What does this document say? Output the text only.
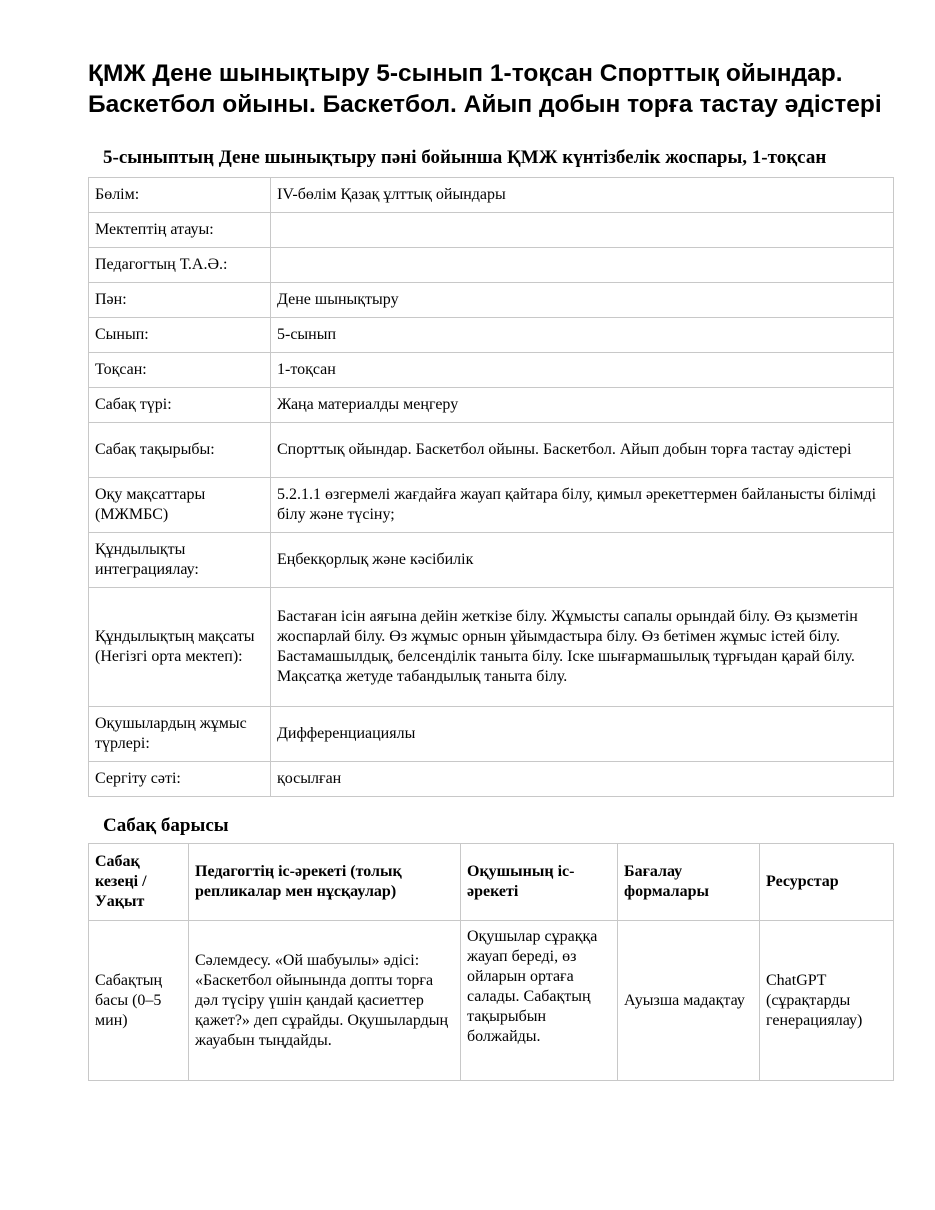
ҚМЖ Дене шынықтыру 5-сынып 1-тоқсан Спорттық ойындар. Баскетбол ойыны. Баскетбол. Айып добын торға тастау әдістері
5-сыныптың Дене шынықтыру пәні бойынша ҚМЖ күнтізбелік жоспары, 1-тоқсан
Бөлім:	IV-бөлім Қазақ ұлттық ойындары
Мектептің атауы:	
Педагогтың Т.А.Ә.:	
Пән:	Дене шынықтыру
Сынып:	5-сынып
Тоқсан:	1-тоқсан
Сабақ түрі:	Жаңа материалды меңгеру
Сабақ тақырыбы:	Спорттық ойындар. Баскетбол ойыны. Баскетбол. Айып добын торға тастау әдістері
Оқу мақсаттары (МЖМБС)	5.2.1.1 өзгермелі жағдайға жауап қайтара білу, қимыл әрекеттермен байланысты білімді білу және түсіну;
Құндылықты интеграциялау:	Еңбекқорлық және кәсібилік
Құндылықтың мақсаты (Негізгі орта мектеп):	Бастаған ісін аяғына дейін жеткізе білу. Жұмысты сапалы орындай білу. Өз қызметін жоспарлай білу. Өз жұмыс орнын ұйымдастыра білу. Өз бетімен жұмыс істей білу. Бастамашылдық, белсенділік таныта білу. Іске шығармашылық тұрғыдан қарай білу. Мақсатқа жетуде табандылық таныта білу.
Оқушылардың жұмыс түрлері:	Дифференциациялы
Сергіту сәті:	қосылған
Сабақ барысы
Сабақ кезеңі / Уақыт	Педагогтің іс-әрекеті (толық репликалар мен нұсқаулар)	Оқушының іс-әрекеті	Бағалау формалары	Ресурстар
Сабақтың басы (0–5 мин)	Сәлемдесу. «Ой шабуылы» әдісі: «Баскетбол ойынында допты торға дәл түсіру үшін қандай қасиеттер қажет?» деп сұрайды. Оқушылардың жауабын тыңдайды.	Оқушылар сұраққа жауап береді, өз ойларын ортаға салады. Сабақтың тақырыбын болжайды.	Ауызша мадақтау	ChatGPT (сұрақтарды генерациялау)
